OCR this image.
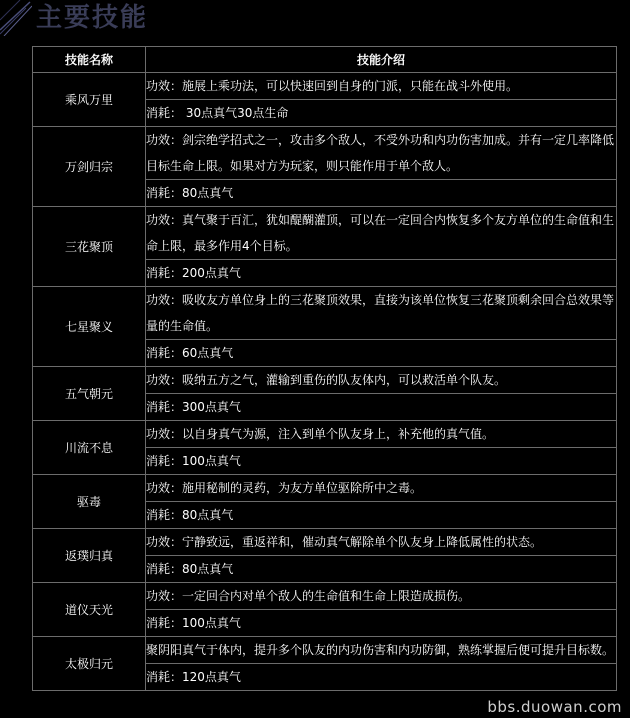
主要技能
技能名称	技能介绍
乘风万里	功效：施展上乘功法，可以快速回到自身的门派，只能在战斗外使用。
	消耗： 30点真气30点生命
万剑归宗	功效：剑宗绝学招式之一，攻击多个敌人，不受外功和内功伤害加成。并有一定几率降低目标生命上限。如果对方为玩家，则只能作用于单个敌人。
	消耗：80点真气
三花聚顶	功效：真气聚于百汇，犹如醍醐灌顶，可以在一定回合内恢复多个友方单位的生命值和生命上限，最多作用4个目标。
	消耗：200点真气
七星聚义	功效：吸收友方单位身上的三花聚顶效果，直接为该单位恢复三花聚顶剩余回合总效果等量的生命值。
	消耗：60点真气
五气朝元	功效：吸纳五方之气，灌输到重伤的队友体内，可以救活单个队友。
	消耗：300点真气
川流不息	功效：以自身真气为源，注入到单个队友身上，补充他的真气值。
	消耗：100点真气
驱毒	功效：施用秘制的灵药，为友方单位驱除所中之毒。
	消耗：80点真气
返璞归真	功效：宁静致远，重返祥和，催动真气解除单个队友身上降低属性的状态。
	消耗：80点真气
道仪天光	功效：一定回合内对单个敌人的生命值和生命上限造成损伤。
	消耗：100点真气
太极归元	聚阴阳真气于体内，提升多个队友的内功伤害和内功防御，熟练掌握后便可提升目标数。
	消耗：120点真气
bbs.duowan.com
